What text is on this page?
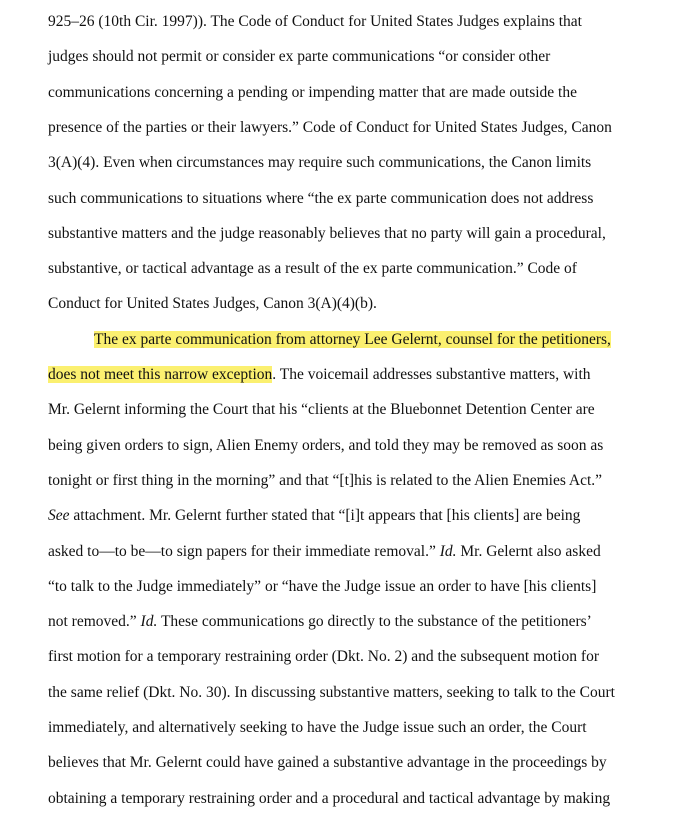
925–26 (10th Cir. 1997)). The Code of Conduct for United States Judges explains that
judges should not permit or consider ex parte communications “or consider other
communications concerning a pending or impending matter that are made outside the
presence of the parties or their lawyers.” Code of Conduct for United States Judges, Canon
3(A)(4). Even when circumstances may require such communications, the Canon limits
such communications to situations where “the ex parte communication does not address
substantive matters and the judge reasonably believes that no party will gain a procedural,
substantive, or tactical advantage as a result of the ex parte communication.” Code of
Conduct for United States Judges, Canon 3(A)(4)(b).
The ex parte communication from attorney Lee Gelernt, counsel for the petitioners,
does not meet this narrow exception. The voicemail addresses substantive matters, with
Mr. Gelernt informing the Court that his “clients at the Bluebonnet Detention Center are
being given orders to sign, Alien Enemy orders, and told they may be removed as soon as
tonight or first thing in the morning” and that “[t]his is related to the Alien Enemies Act.”
See attachment. Mr. Gelernt further stated that “[i]t appears that [his clients] are being
asked to—to be—to sign papers for their immediate removal.” Id. Mr. Gelernt also asked
“to talk to the Judge immediately” or “have the Judge issue an order to have [his clients]
not removed.” Id. These communications go directly to the substance of the petitioners’
first motion for a temporary restraining order (Dkt. No. 2) and the subsequent motion for
the same relief (Dkt. No. 30). In discussing substantive matters, seeking to talk to the Court
immediately, and alternatively seeking to have the Judge issue such an order, the Court
believes that Mr. Gelernt could have gained a substantive advantage in the proceedings by
obtaining a temporary restraining order and a procedural and tactical advantage by making
